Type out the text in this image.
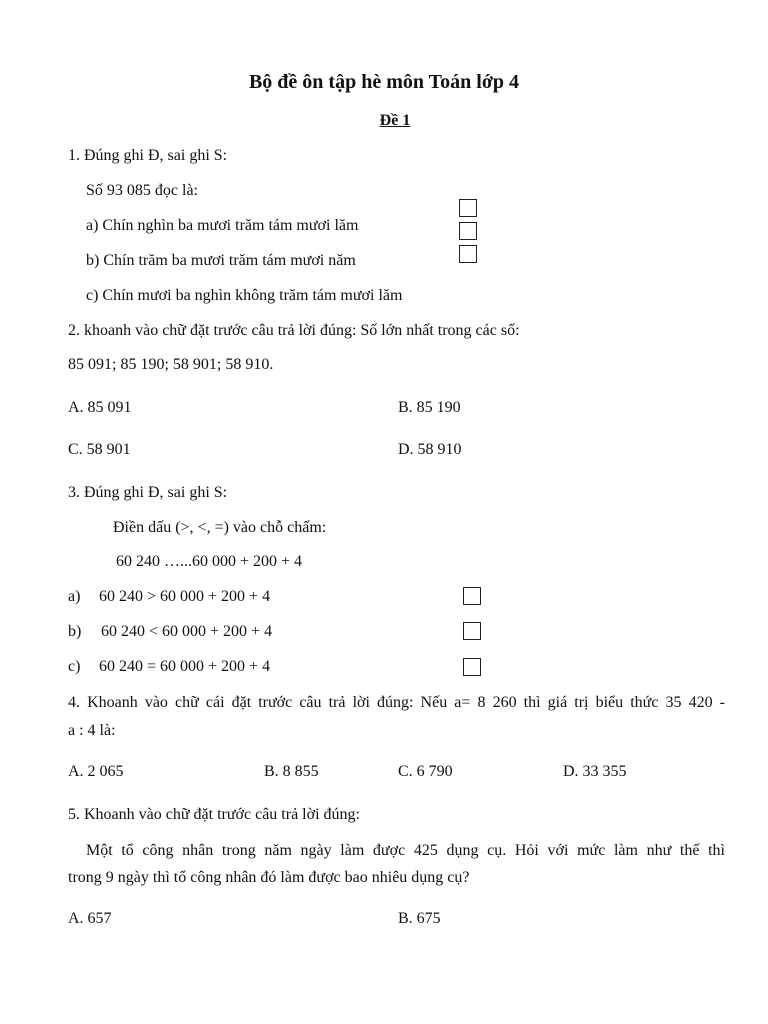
Bộ đề ôn tập hè môn Toán lớp 4
Đề 1
1. Đúng ghi Đ, sai ghi S:
Số 93 085 đọc là:
a) Chín nghìn ba mươi trăm tám mươi lăm
b) Chín trăm ba mươi trăm tám mươi năm
c) Chín mươi ba nghìn không trăm tám mươi lăm
2. khoanh vào chữ đặt trước câu trả lời đúng: Số lớn nhất trong các số:
85 091; 85 190; 58 901; 58 910.
A. 85 091	B. 85 190
C. 58 901	D. 58 910
3. Đúng ghi Đ, sai ghi S:
Điền dấu (>, <, =) vào chỗ chấm:
60 240 …...60 000 + 200 + 4
a) 60 240 > 60 000 + 200 + 4
b) 60 240 < 60 000 + 200 + 4
c) 60 240 = 60 000 + 200 + 4
4. Khoanh vào chữ cái đặt trước câu trả lời đúng: Nếu a= 8 260 thì giá trị biểu thức 35 420 -
a : 4 là:
A. 2 065	B. 8 855	C. 6 790	D. 33 355
5. Khoanh vào chữ đặt trước câu trả lời đúng:
Một tổ công nhân trong năm ngày làm được 425 dụng cụ. Hỏi với mức làm như thế thì
trong 9 ngày thì tổ công nhân đó làm được bao nhiêu dụng cụ?
A. 657	B. 675
